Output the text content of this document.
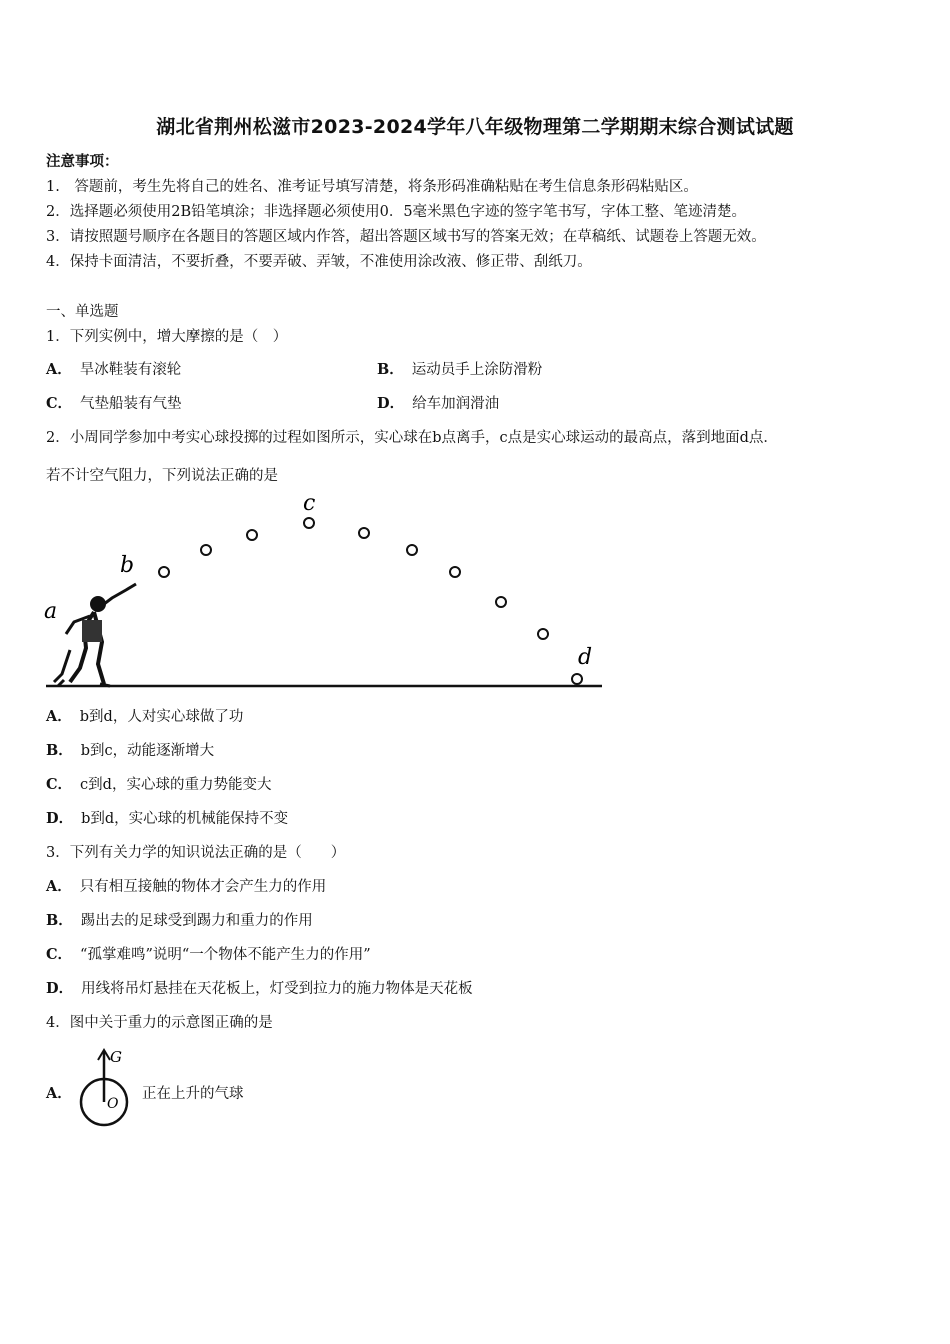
湖北省荆州松滋市2023-2024学年八年级物理第二学期期末综合测试试题
注意事项：
1.　答题前，考生先将自己的姓名、准考证号填写清楚，将条形码准确粘贴在考生信息条形码粘贴区。
2．选择题必须使用2B铅笔填涂；非选择题必须使用0．5毫米黑色字迹的签字笔书写，字体工整、笔迹清楚。
3．请按照题号顺序在各题目的答题区域内作答，超出答题区域书写的答案无效；在草稿纸、试题卷上答题无效。
4．保持卡面清洁，不要折叠，不要弄破、弄皱，不准使用涂改液、修正带、刮纸刀。
一、单选题
1．下列实例中，增大摩擦的是（　）
A． 旱冰鞋装有滚轮	B． 运动员手上涂防滑粉
C． 气垫船装有气垫	D． 给车加润滑油
2．小周同学参加中考实心球投掷的过程如图所示，实心球在b点离手，c点是实心球运动的最高点，落到地面d点．
若不计空气阻力，下列说法正确的是
a
b
c
d
A． b到d，人对实心球做了功
B． b到c，动能逐渐增大
C． c到d，实心球的重力势能变大
D． b到d，实心球的机械能保持不变
3．下列有关力学的知识说法正确的是（　　）
A． 只有相互接触的物体才会产生力的作用
B． 踢出去的足球受到踢力和重力的作用
C． “孤掌难鸣”说明“一个物体不能产生力的作用”
D． 用线将吊灯悬挂在天花板上，灯受到拉力的施力物体是天花板
4．图中关于重力的示意图正确的是
A．
G
O
正在上升的气球
